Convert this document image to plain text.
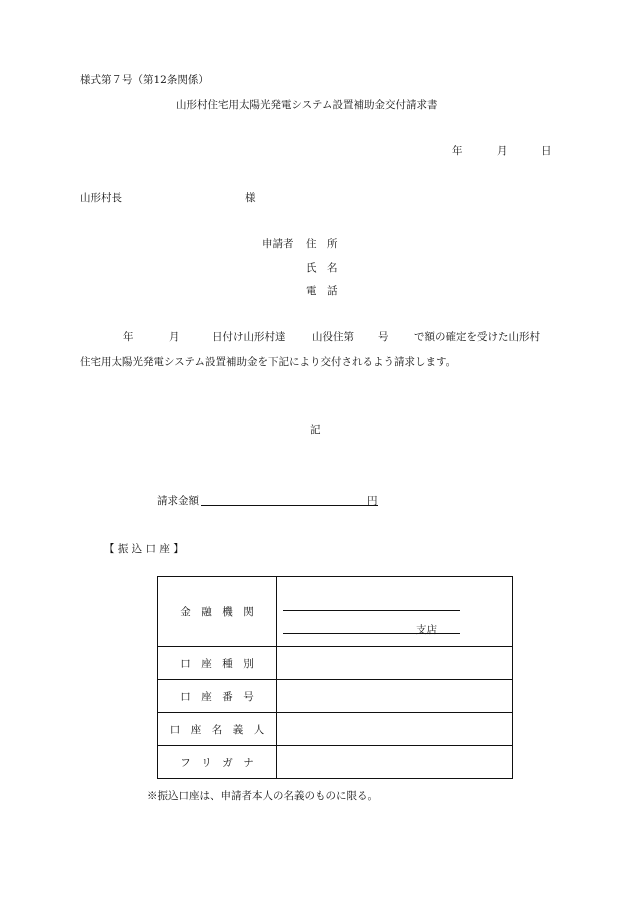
様式第７号（第12条関係）
山形村住宅用太陽光発電システム設置補助金交付請求書
年	月	日
山形村長	様
申請者 住　所
氏　名
電　話
年	月	日付け山形村達	山役住第 号 で額の確定を受けた山形村
住宅用太陽光発電システム設置補助金を下記により交付されるよう請求します。
記
請求金額	円
【 振 込 口 座 】
金　融　機　関	支店

口　座　種　別	
口　座　番　号	
口　座　名　義　人	
フ　リ　ガ　ナ	
※振込口座は、申請者本人の名義のものに限る。
